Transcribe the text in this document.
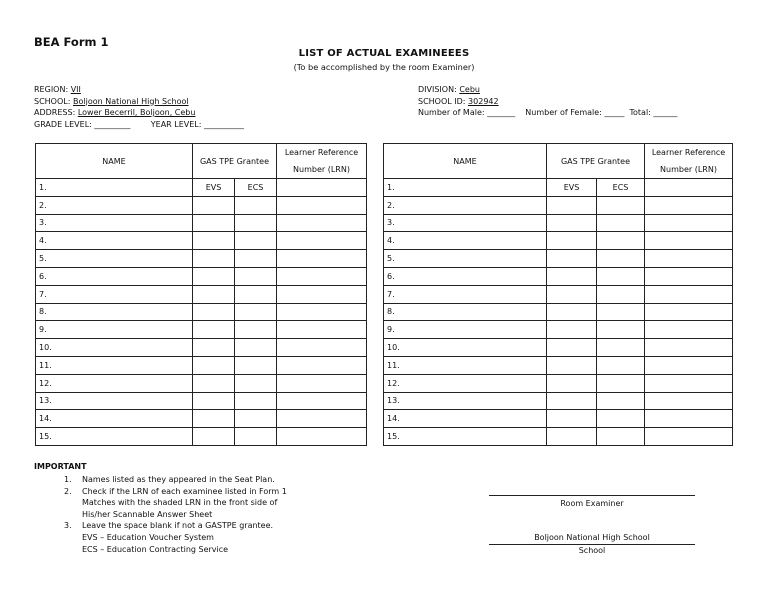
BEA Form 1
LIST OF ACTUAL EXAMINEEES
(To be accomplished by the room Examiner)
REGION: VII
SCHOOL: Boljoon National High School
ADDRESS: Lower Becerril, Boljoon, Cebu
GRADE LEVEL: _________	YEAR LEVEL: __________
DIVISION: Cebu
SCHOOL ID: 302942
Number of Male: _______ Number of Female: _____ Total: ______
NAME	GAS TPE Grantee		Learner Reference Number (LRN)

1.	EVS	ECS	
2.			
3.			
4.			
5.			
6.			
7.			
8.			
9.			
10.			
11.			
12.			
13.			
14.			
15.			
NAME	GAS TPE Grantee		Learner Reference Number (LRN)

1.	EVS	ECS	
2.			
3.			
4.			
5.			
6.			
7.			
8.			
9.			
10.			
11.			
12.			
13.			
14.			
15.			
IMPORTANT
1. Names listed as they appeared in the Seat Plan.
2. Check if the LRN of each examinee listed in Form 1
Matches with the shaded LRN in the front side of
His/her Scannable Answer Sheet
3. Leave the space blank if not a GASTPE grantee.
EVS – Education Voucher System
ECS – Education Contracting Service
Room Examiner
Boljoon National High School
School
